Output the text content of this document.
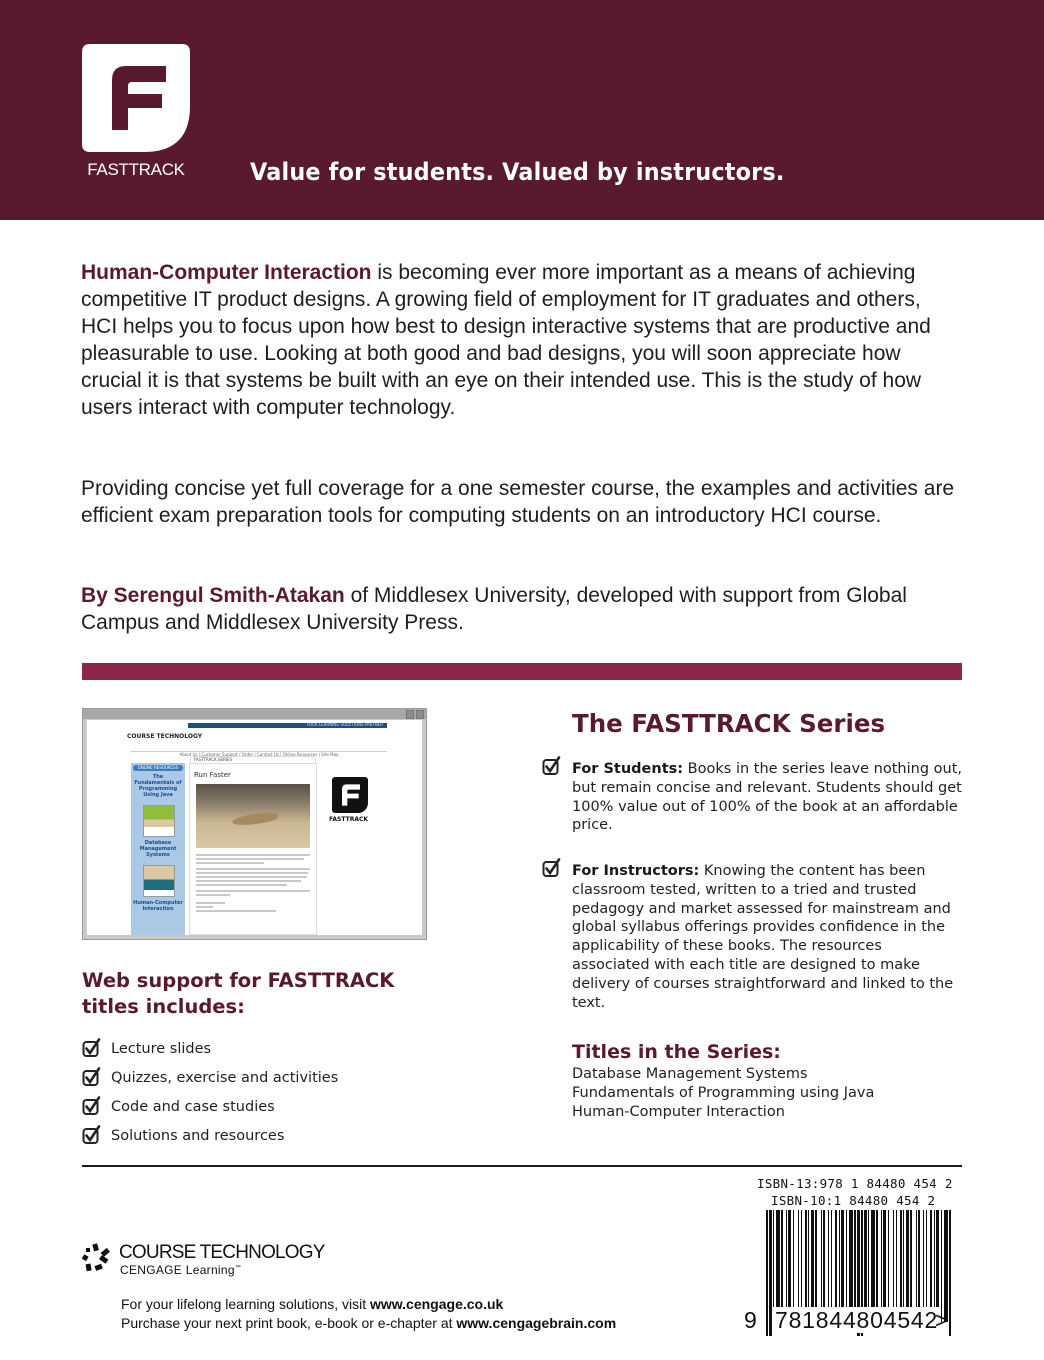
FASTTRACK	Value for students. Valued by instructors.

Human-Computer Interaction is becoming ever more important as a means of achieving competitive IT product designs. A growing field of employment for IT graduates and others, HCI helps you to focus upon how best to design interactive systems that are productive and pleasurable to use. Looking at both good and bad designs, you will soon appreciate how crucial it is that systems be built with an eye on their intended use. This is the study of how users interact with computer technology.

Providing concise yet full coverage for a one semester course, the examples and activities are efficient exam preparation tools for computing students on an introductory HCI course.

By Serengul Smith-Atakan of Middlesex University, developed with support from Global Campus and Middlesex University Press.

YOUR LEARNING SOLUTIONS PARTNER
COURSE TECHNOLOGY
About Us | Customer Support / Order | Contact Us | Online Resources | Site Map
ONLINE RESOURCES
The Fundamentals of Programming Using Java
Database Management Systems
Human-Computer Interaction
FASTTRACK SERIES
Run Faster
FASTTRACK
Web support for FASTTRACK titles includes:
Lecture slides
Quizzes, exercise and activities
Code and case studies
Solutions and resources
The FASTTRACK Series

For Students: Books in the series leave nothing out, but remain concise and relevant. Students should get 100% value out of 100% of the book at an affordable price.

For Instructors: Knowing the content has been classroom tested, written to a tried and trusted pedagogy and market assessed for mainstream and global syllabus offerings provides confidence in the applicability of these books. The resources associated with each title are designed to make delivery of courses straightforward and linked to the text.

Titles in the Series:
Database Management Systems
Fundamentals of Programming using Java
Human-Computer Interaction
COURSE TECHNOLOGY
CENGAGE Learning™
For your lifelong learning solutions, visit www.cengage.co.uk
Purchase your next print book, e-book or e-chapter at www.cengagebrain.com
ISBN-13:978 1 84480 454 2
ISBN-10:1 84480 454 2
9 781844804542
>
